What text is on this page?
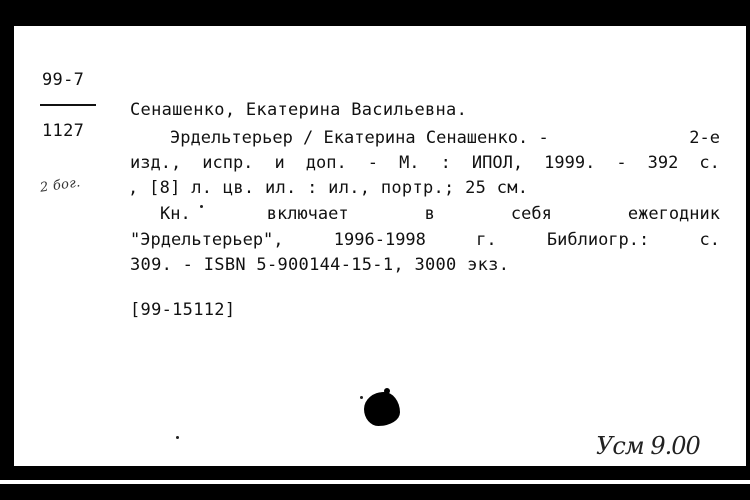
99-7
1127
2 бог.
Сенашенко, Екатерина Васильевна.
Эрдельтерьер / Екатерина Сенашенко. -	2-е
изд., испр. и доп. - М. : ИПОЛ, 1999. - 392 с.
, [8] л. цв. ил. : ил., портр.; 25 см.
Кн.	включает	в	себя	ежегодник
"Эрдельтерьер",	1996-1998	г.	Библиогр.:	с.
309. - ISBN 5-900144-15-1, 3000 экз.
[99-15112]
Усм 9.00
